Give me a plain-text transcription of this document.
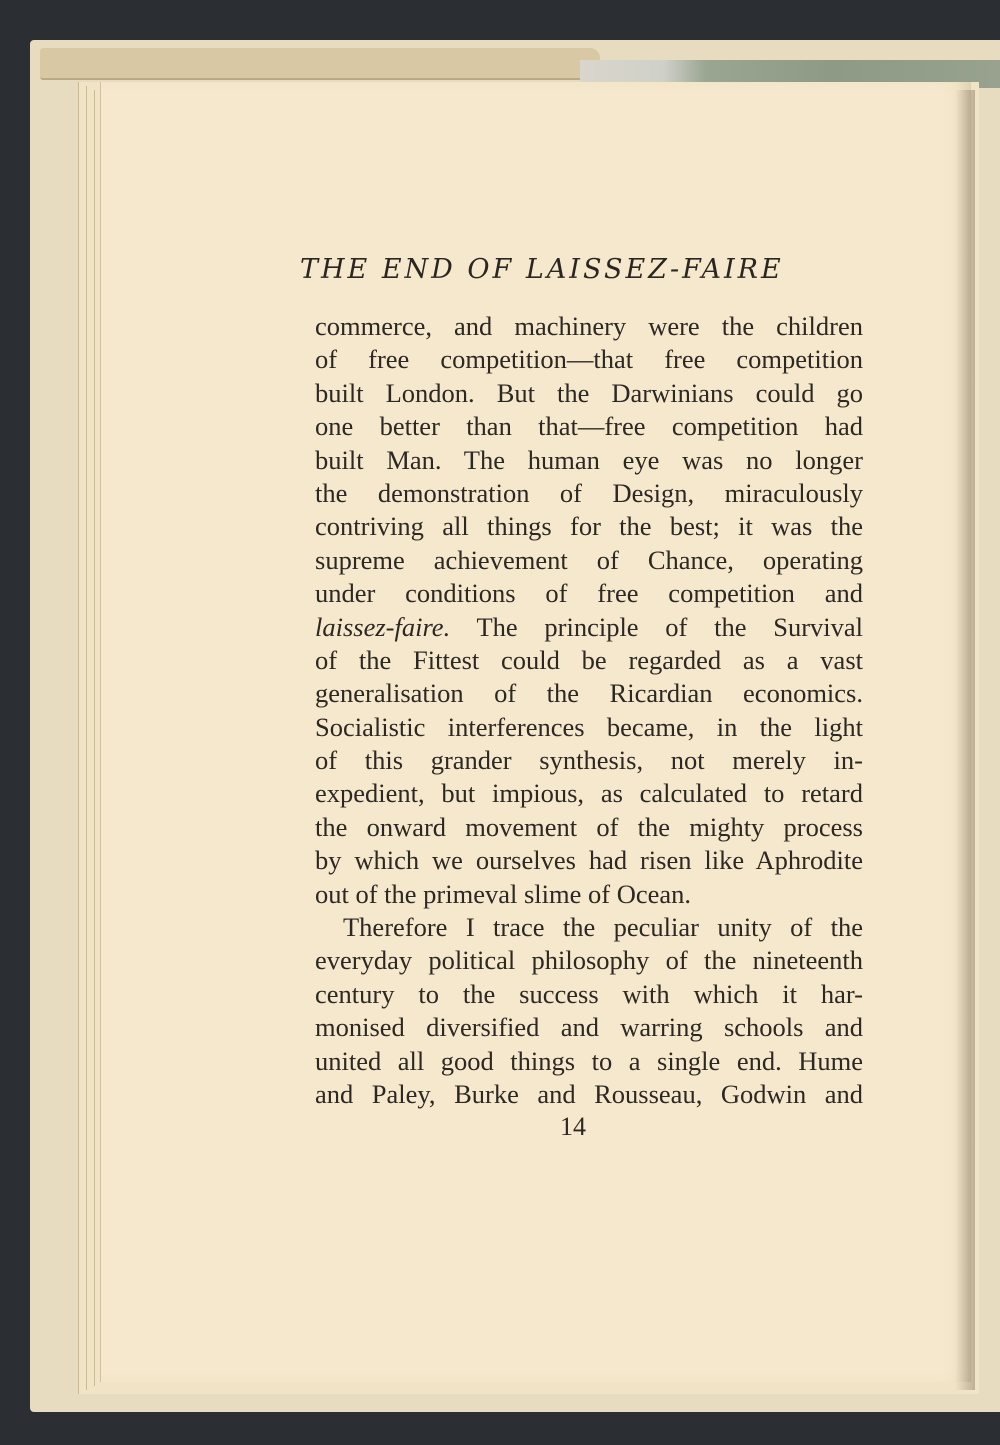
THE END OF LAISSEZ-FAIRE
commerce, and machinery were the children
of free competition—that free competition
built London. But the Darwinians could go
one better than that—free competition had
built Man. The human eye was no longer
the demonstration of Design, miraculously
contriving all things for the best; it was the
supreme achievement of Chance, operating
under conditions of free competition and
laissez-faire. The principle of the Survival
of the Fittest could be regarded as a vast
generalisation of the Ricardian economics.
Socialistic interferences became, in the light
of this grander synthesis, not merely in-
expedient, but impious, as calculated to retard
the onward movement of the mighty process
by which we ourselves had risen like Aphrodite
out of the primeval slime of Ocean.
Therefore I trace the peculiar unity of the
everyday political philosophy of the nineteenth
century to the success with which it har-
monised diversified and warring schools and
united all good things to a single end. Hume
and Paley, Burke and Rousseau, Godwin and
14
